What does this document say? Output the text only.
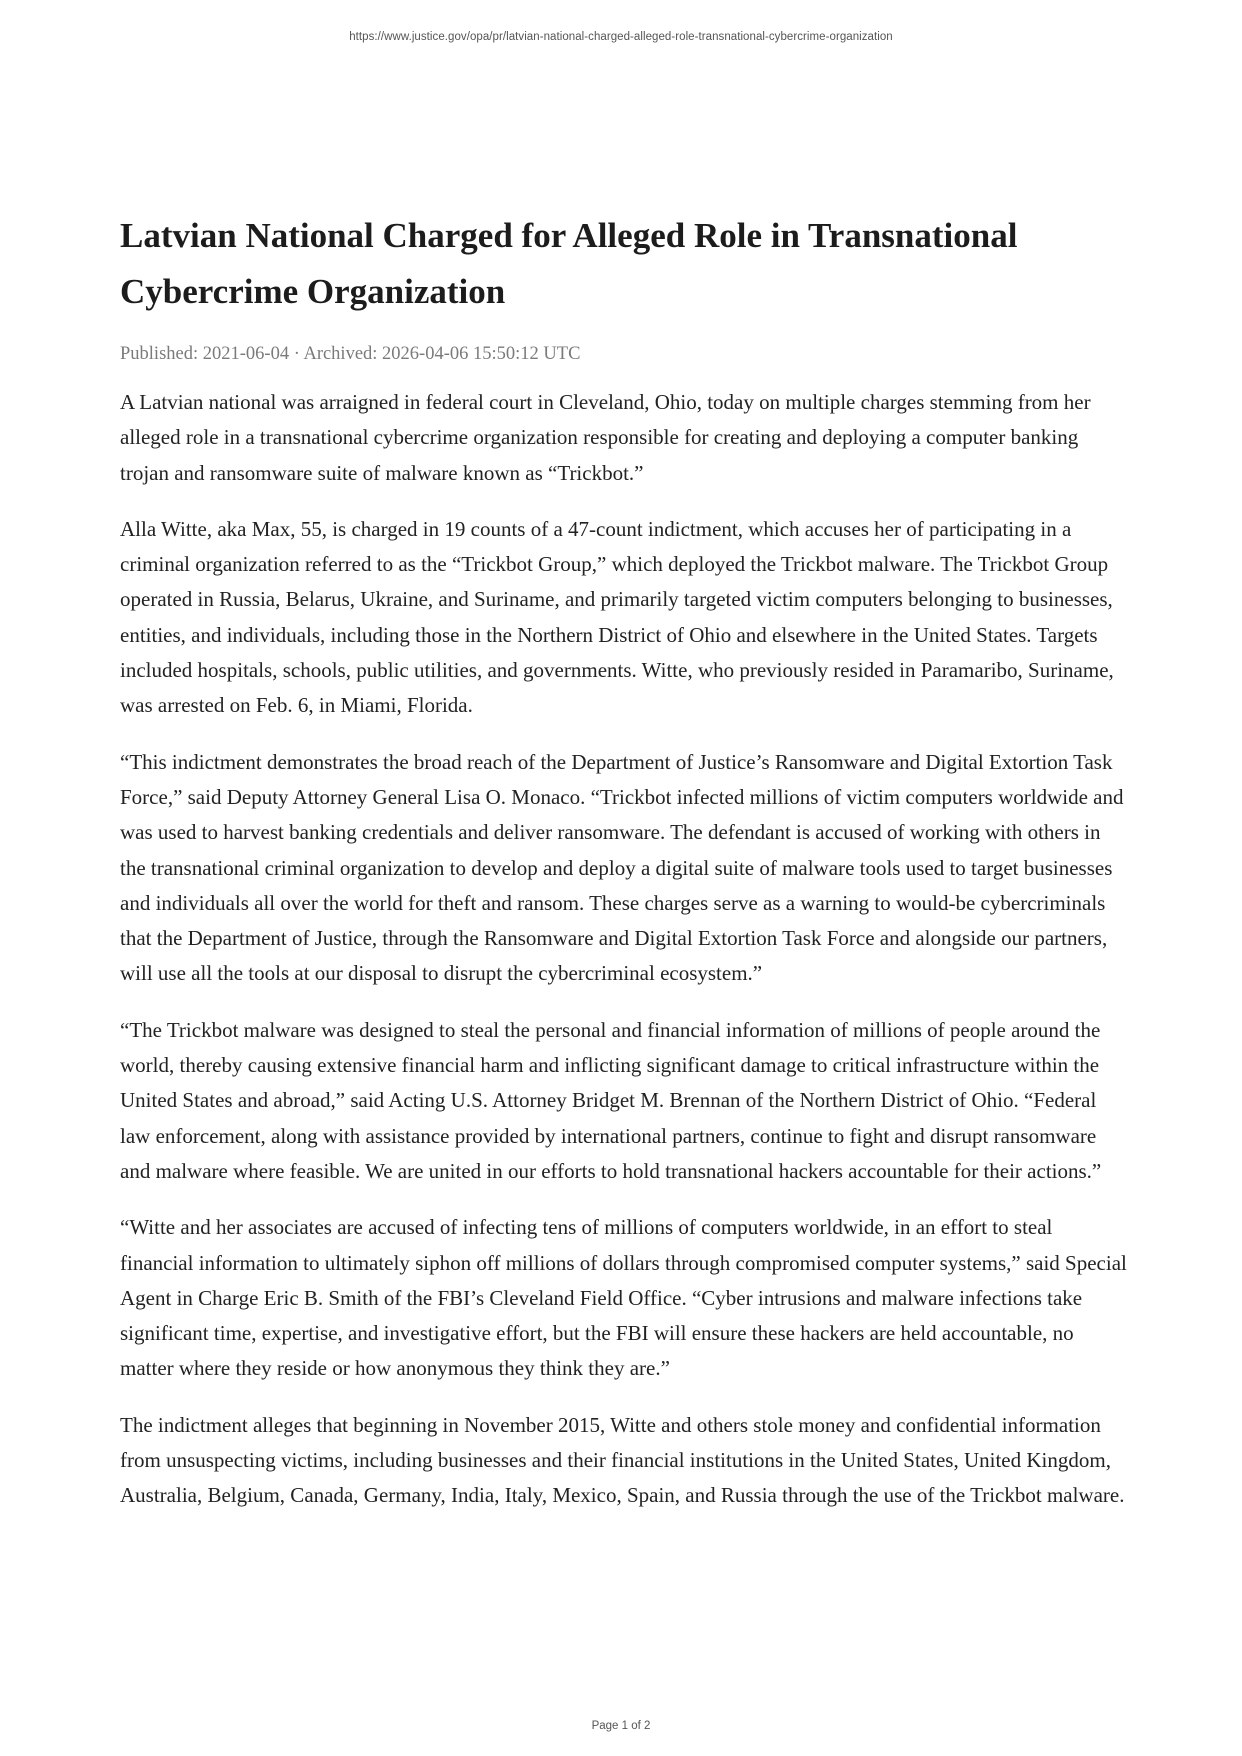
https://www.justice.gov/opa/pr/latvian-national-charged-alleged-role-transnational-cybercrime-organization
Latvian National Charged for Alleged Role in Transnational Cybercrime Organization
Published: 2021-06-04 · Archived: 2026-04-06 15:50:12 UTC

A Latvian national was arraigned in federal court in Cleveland, Ohio, today on multiple charges stemming from her alleged role in a transnational cybercrime organization responsible for creating and deploying a computer banking trojan and ransomware suite of malware known as “Trickbot.”

Alla Witte, aka Max, 55, is charged in 19 counts of a 47-count indictment, which accuses her of participating in a criminal organization referred to as the “Trickbot Group,” which deployed the Trickbot malware. The Trickbot Group operated in Russia, Belarus, Ukraine, and Suriname, and primarily targeted victim computers belonging to businesses, entities, and individuals, including those in the Northern District of Ohio and elsewhere in the United States. Targets included hospitals, schools, public utilities, and governments. Witte, who previously resided in Paramaribo, Suriname, was arrested on Feb. 6, in Miami, Florida.

“This indictment demonstrates the broad reach of the Department of Justice’s Ransomware and Digital Extortion Task Force,” said Deputy Attorney General Lisa O. Monaco. “Trickbot infected millions of victim computers worldwide and was used to harvest banking credentials and deliver ransomware. The defendant is accused of working with others in the transnational criminal organization to develop and deploy a digital suite of malware tools used to target businesses and individuals all over the world for theft and ransom. These charges serve as a warning to would-be cybercriminals that the Department of Justice, through the Ransomware and Digital Extortion Task Force and alongside our partners, will use all the tools at our disposal to disrupt the cybercriminal ecosystem.”

“The Trickbot malware was designed to steal the personal and financial information of millions of people around the world, thereby causing extensive financial harm and inflicting significant damage to critical infrastructure within the United States and abroad,” said Acting U.S. Attorney Bridget M. Brennan of the Northern District of Ohio. “Federal law enforcement, along with assistance provided by international partners, continue to fight and disrupt ransomware and malware where feasible. We are united in our efforts to hold transnational hackers accountable for their actions.”

“Witte and her associates are accused of infecting tens of millions of computers worldwide, in an effort to steal financial information to ultimately siphon off millions of dollars through compromised computer systems,” said Special Agent in Charge Eric B. Smith of the FBI’s Cleveland Field Office. “Cyber intrusions and malware infections take significant time, expertise, and investigative effort, but the FBI will ensure these hackers are held accountable, no matter where they reside or how anonymous they think they are.”

The indictment alleges that beginning in November 2015, Witte and others stole money and confidential information from unsuspecting victims, including businesses and their financial institutions in the United States, United Kingdom, Australia, Belgium, Canada, Germany, India, Italy, Mexico, Spain, and Russia through the use of the Trickbot malware.

Page 1 of 2
